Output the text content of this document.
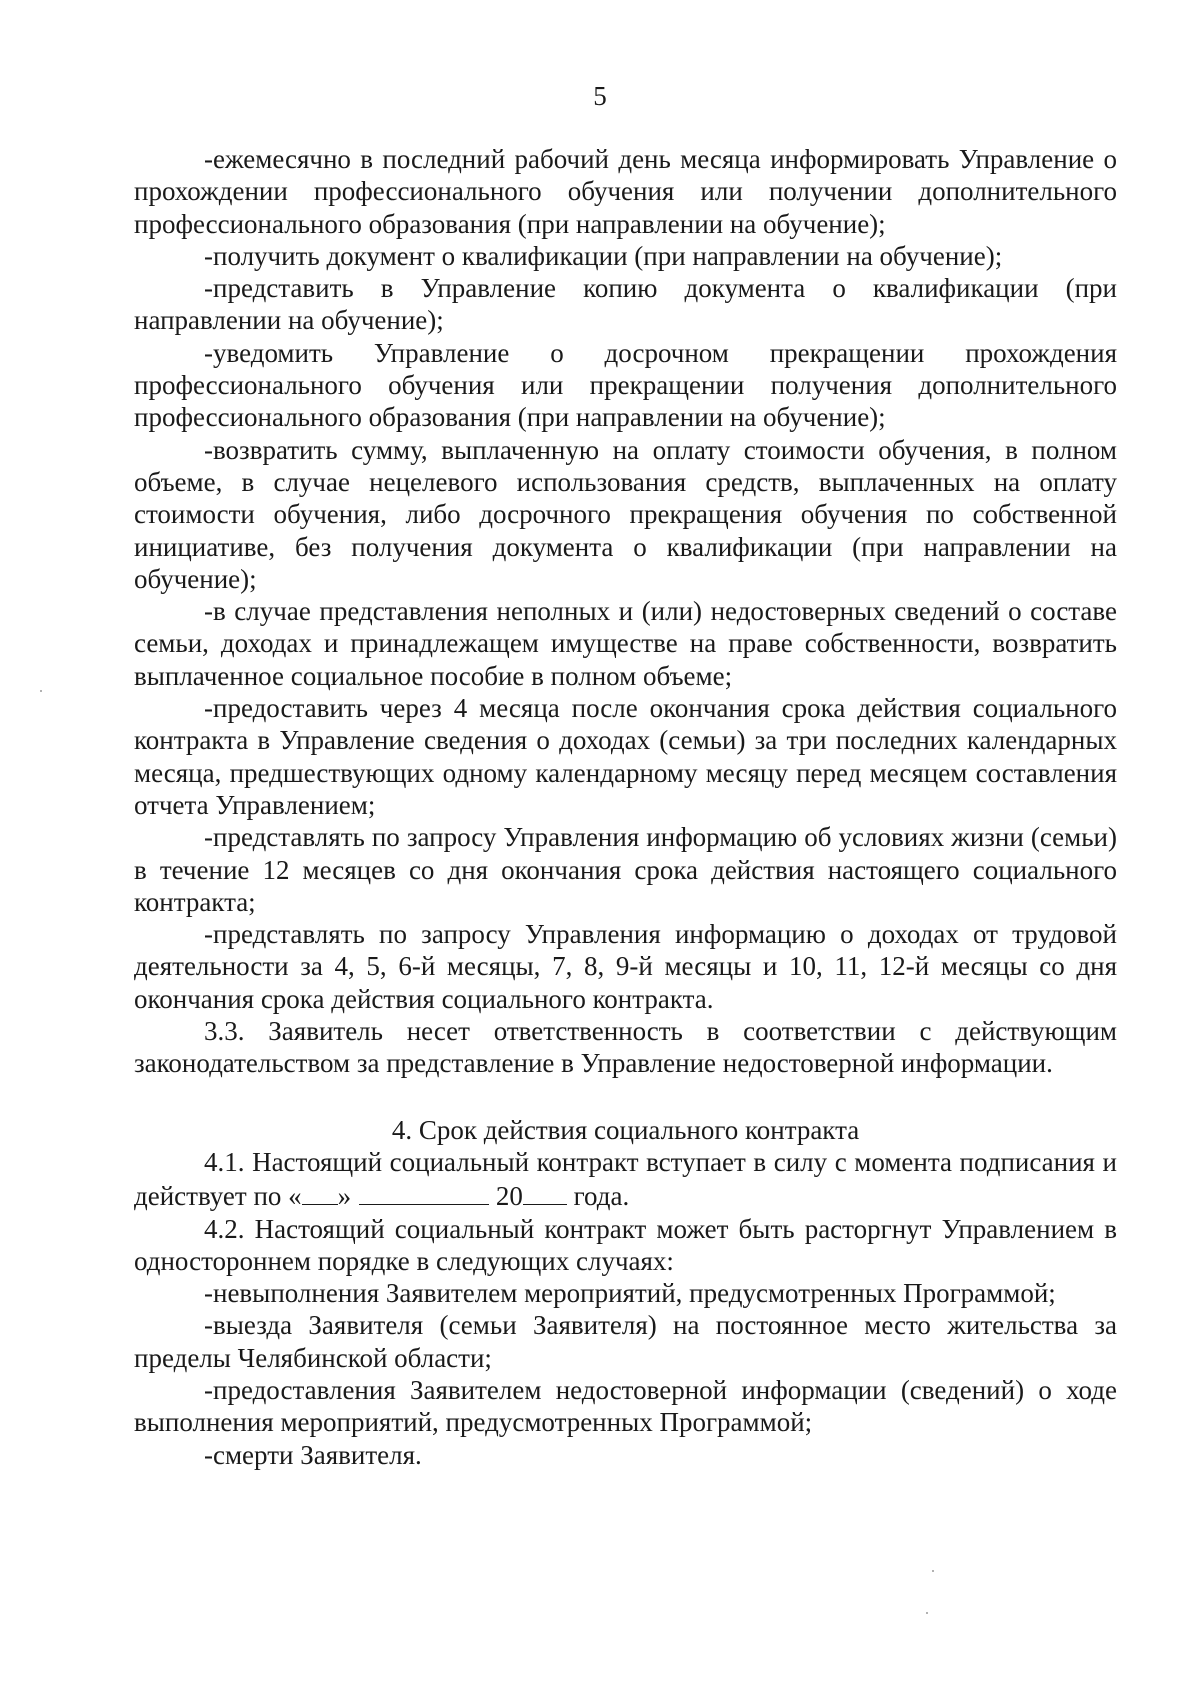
5

-ежемесячно в последний рабочий день месяца информировать Управление о прохождении профессионального обучения или получении дополнительного профессионального образования (при направлении на обучение);

-получить документ о квалификации (при направлении на обучение);

-представить в Управление копию документа о квалификации (при направлении на обучение);

-уведомить Управление о досрочном прекращении прохождения профессионального обучения или прекращении получения дополнительного профессионального образования (при направлении на обучение);

-возвратить сумму, выплаченную на оплату стоимости обучения, в полном объеме, в случае нецелевого использования средств, выплаченных на оплату стоимости обучения, либо досрочного прекращения обучения по собственной инициативе, без получения документа о квалификации (при направлении на обучение);

-в случае представления неполных и (или) недостоверных сведений о составе семьи, доходах и принадлежащем имуществе на праве собственности, возвратить выплаченное социальное пособие в полном объеме;

-предоставить через 4 месяца после окончания срока действия социального контракта в Управление сведения о доходах (семьи) за три последних календарных месяца, предшествующих одному календарному месяцу перед месяцем составления отчета Управлением;

-представлять по запросу Управления информацию об условиях жизни (семьи) в течение 12 месяцев со дня окончания срока действия настоящего социального контракта;

-представлять по запросу Управления информацию о доходах от трудовой деятельности за 4, 5, 6-й месяцы, 7, 8, 9-й месяцы и 10, 11, 12-й месяцы со дня окончания срока действия социального контракта.

3.3. Заявитель несет ответственность в соответствии с действующим законодательством за представление в Управление недостоверной информации.

4. Срок действия социального контракта

4.1. Настоящий социальный контракт вступает в силу с момента подписания и действует по « »	20 года.

4.2. Настоящий социальный контракт может быть расторгнут Управлением в одностороннем порядке в следующих случаях:

-невыполнения Заявителем мероприятий, предусмотренных Программой;

-выезда Заявителя (семьи Заявителя) на постоянное место жительства за пределы Челябинской области;

-предоставления Заявителем недостоверной информации (сведений) о ходе выполнения мероприятий, предусмотренных Программой;

-смерти Заявителя.
